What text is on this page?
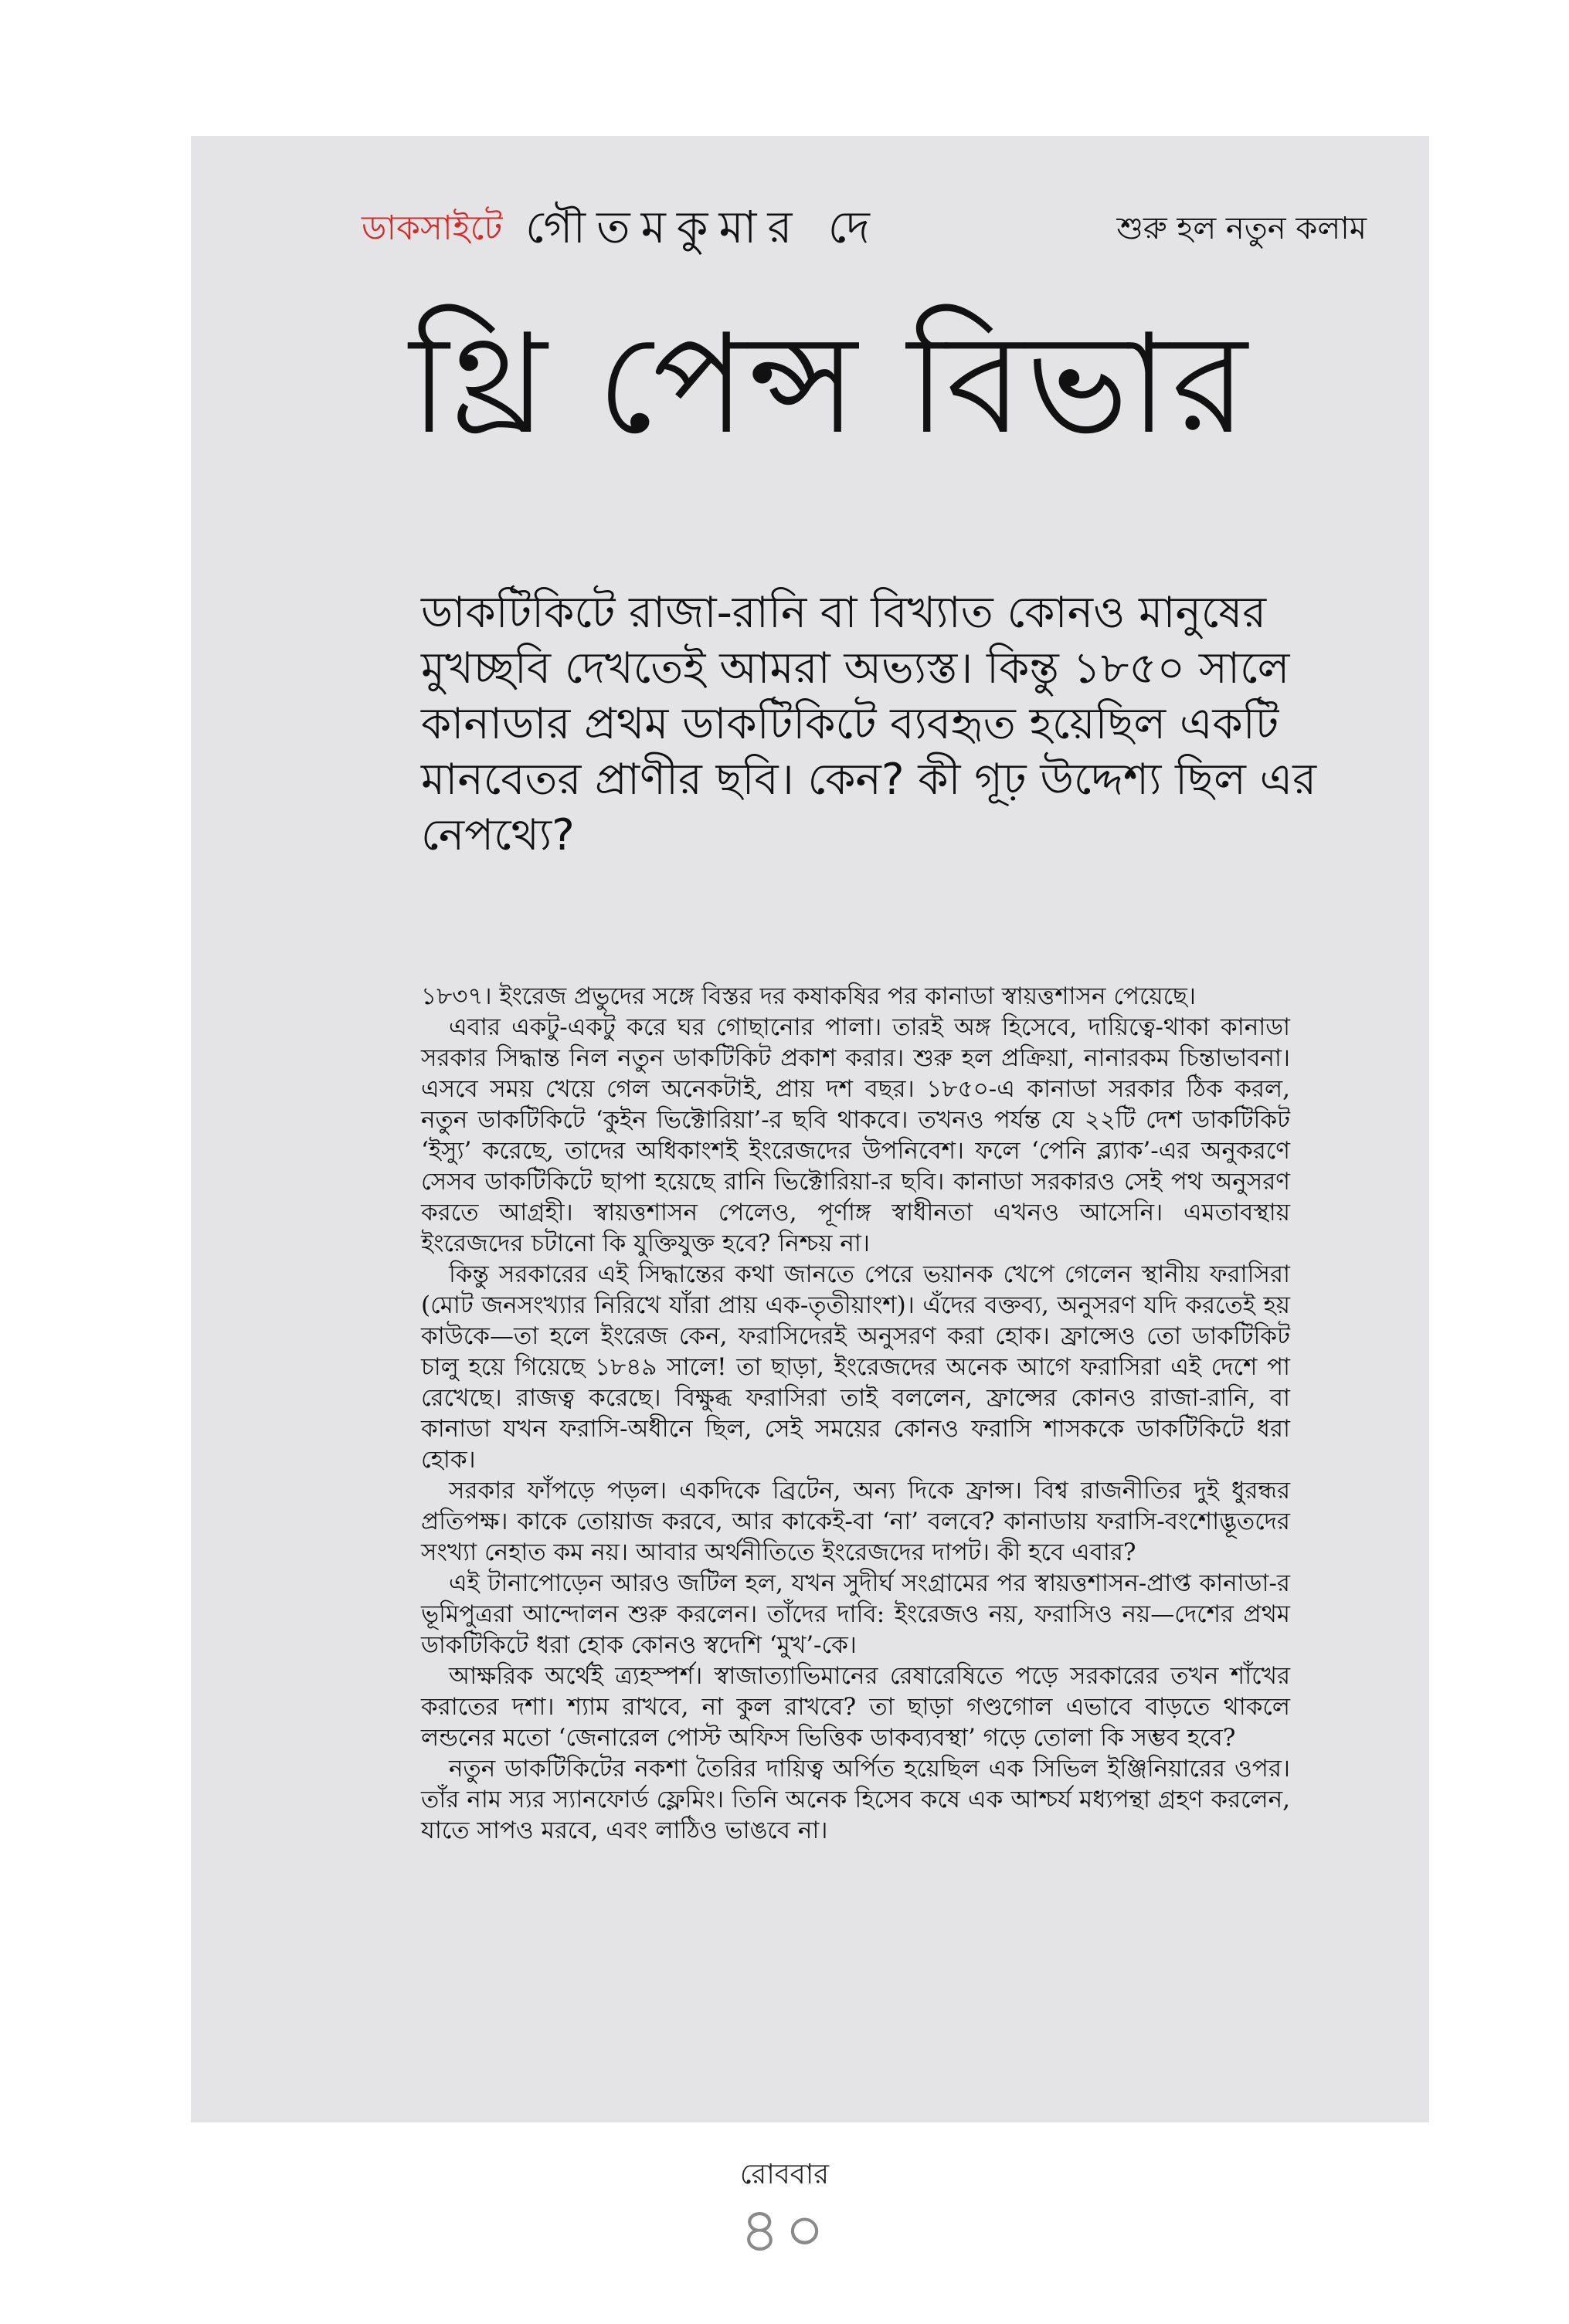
ডাকসাইটে গৌতমকুমার দে	শুরু হল নতুন কলাম
থ্রি পেন্স বিভার

ডাকটিকিটে রাজা-রানি বা বিখ্যাত কোনও মানুষের মুখচ্ছবি দেখতেই আমরা অভ্যস্ত। কিন্তু ১৮৫০ সালে কানাডার প্রথম ডাকটিকিটে ব্যবহৃত হয়েছিল একটি মানবেতর প্রাণীর ছবি। কেন? কী গূঢ় উদ্দেশ্য ছিল এর নেপথ্যে?

১৮৩৭। ইংরেজ প্রভুদের সঙ্গে বিস্তর দর কষাকষির পর কানাডা স্বায়ত্তশাসন পেয়েছে।

এবার একটু-একটু করে ঘর গোছানোর পালা। তারই অঙ্গ হিসেবে, দায়িত্বে-থাকা কানাডা সরকার সিদ্ধান্ত নিল নতুন ডাকটিকিট প্রকাশ করার। শুরু হল প্রক্রিয়া, নানারকম চিন্তাভাবনা। এসবে সময় খেয়ে গেল অনেকটাই, প্রায় দশ বছর। ১৮৫০-এ কানাডা সরকার ঠিক করল, নতুন ডাকটিকিটে ‘কুইন ভিক্টোরিয়া’-র ছবি থাকবে। তখনও পর্যন্ত যে ২২টি দেশ ডাকটিকিট ‘ইস্যু’ করেছে, তাদের অধিকাংশই ইংরেজদের উপনিবেশ। ফলে ‘পেনি ব্ল্যাক’-এর অনুকরণে সেসব ডাকটিকিটে ছাপা হয়েছে রানি ভিক্টোরিয়া-র ছবি। কানাডা সরকারও সেই পথ অনুসরণ করতে আগ্রহী। স্বায়ত্তশাসন পেলেও, পূর্ণাঙ্গ স্বাধীনতা এখনও আসেনি। এমতাবস্থায় ইংরেজদের চটানো কি যুক্তিযুক্ত হবে? নিশ্চয় না।

কিন্তু সরকারের এই সিদ্ধান্তের কথা জানতে পেরে ভয়ানক খেপে গেলেন স্থানীয় ফরাসিরা (মোট জনসংখ্যার নিরিখে যাঁরা প্রায় এক-তৃতীয়াংশ)। এঁদের বক্তব্য, অনুসরণ যদি করতেই হয় কাউকে—তা হলে ইংরেজ কেন, ফরাসিদেরই অনুসরণ করা হোক। ফ্রান্সেও তো ডাকটিকিট চালু হয়ে গিয়েছে ১৮৪৯ সালে! তা ছাড়া, ইংরেজদের অনেক আগে ফরাসিরা এই দেশে পা রেখেছে। রাজত্ব করেছে। বিক্ষুব্ধ ফরাসিরা তাই বললেন, ফ্রান্সের কোনও রাজা-রানি, বা কানাডা যখন ফরাসি-অধীনে ছিল, সেই সময়ের কোনও ফরাসি শাসককে ডাকটিকিটে ধরা হোক।

সরকার ফাঁপড়ে পড়ল। একদিকে ব্রিটেন, অন্য দিকে ফ্রান্স। বিশ্ব রাজনীতির দুই ধুরন্ধর প্রতিপক্ষ। কাকে তোয়াজ করবে, আর কাকেই-বা ‘না’ বলবে? কানাডায় ফরাসি-বংশোদ্ভূতদের সংখ্যা নেহাত কম নয়। আবার অর্থনীতিতে ইংরেজদের দাপট। কী হবে এবার?

এই টানাপোড়েন আরও জটিল হল, যখন সুদীর্ঘ সংগ্রামের পর স্বায়ত্তশাসন-প্রাপ্ত কানাডা-র ভূমিপুত্ররা আন্দোলন শুরু করলেন। তাঁদের দাবি: ইংরেজও নয়, ফরাসিও নয়—দেশের প্রথম ডাকটিকিটে ধরা হোক কোনও স্বদেশি ‘মুখ’-কে।

আক্ষরিক অর্থেই ত্র্যহস্পর্শ। স্বাজাত্যাভিমানের রেষারেষিতে পড়ে সরকারের তখন শাঁখের করাতের দশা। শ্যাম রাখবে, না কুল রাখবে? তা ছাড়া গণ্ডগোল এভাবে বাড়তে থাকলে লন্ডনের মতো ‘জেনারেল পোস্ট অফিস ভিত্তিক ডাকব্যবস্থা’ গড়ে তোলা কি সম্ভব হবে?

নতুন ডাকটিকিটের নকশা তৈরির দায়িত্ব অর্পিত হয়েছিল এক সিভিল ইঞ্জিনিয়ারের ওপর। তাঁর নাম স্যর স্যানফোর্ড ফ্লেমিং। তিনি অনেক হিসেব কষে এক আশ্চর্য মধ্যপন্থা গ্রহণ করলেন, যাতে সাপও মরবে, এবং লাঠিও ভাঙবে না।

রোববার
৪০
